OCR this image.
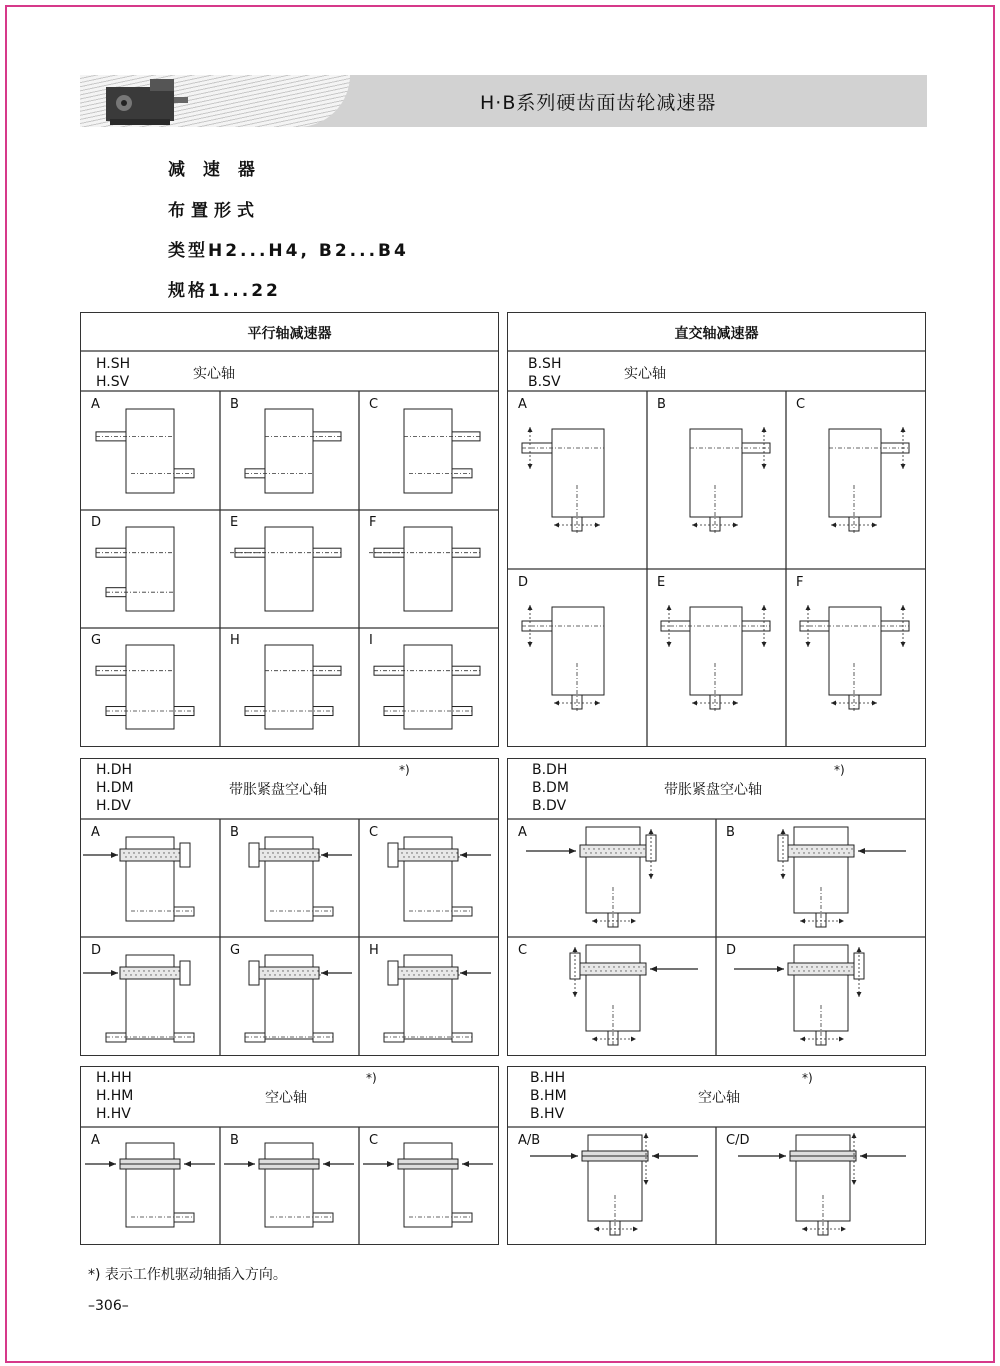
H·B系列硬齿面齿轮减速器
减 速 器
布置形式
类型H2...H4, B2...B4
规格1...22
平行轴减速器
H.SH
H.SV	实心轴
A	B	C
D	E	F
G	H	I
直交轴减速器
B.SH
B.SV	实心轴
A	B	C
D	E	F
H.DH
H.DM
H.DV
带胀紧盘空心轴
*)
A	B	C
D	G	H
B.DH
B.DM
B.DV
带胀紧盘空心轴
*)
A	B
C	D
H.HH
H.HM
H.HV
空心轴
*)
A	B	C
B.HH
B.HM
B.HV
空心轴
*)
A/B	C/D
*) 表示工作机驱动轴插入方向。
–306–
